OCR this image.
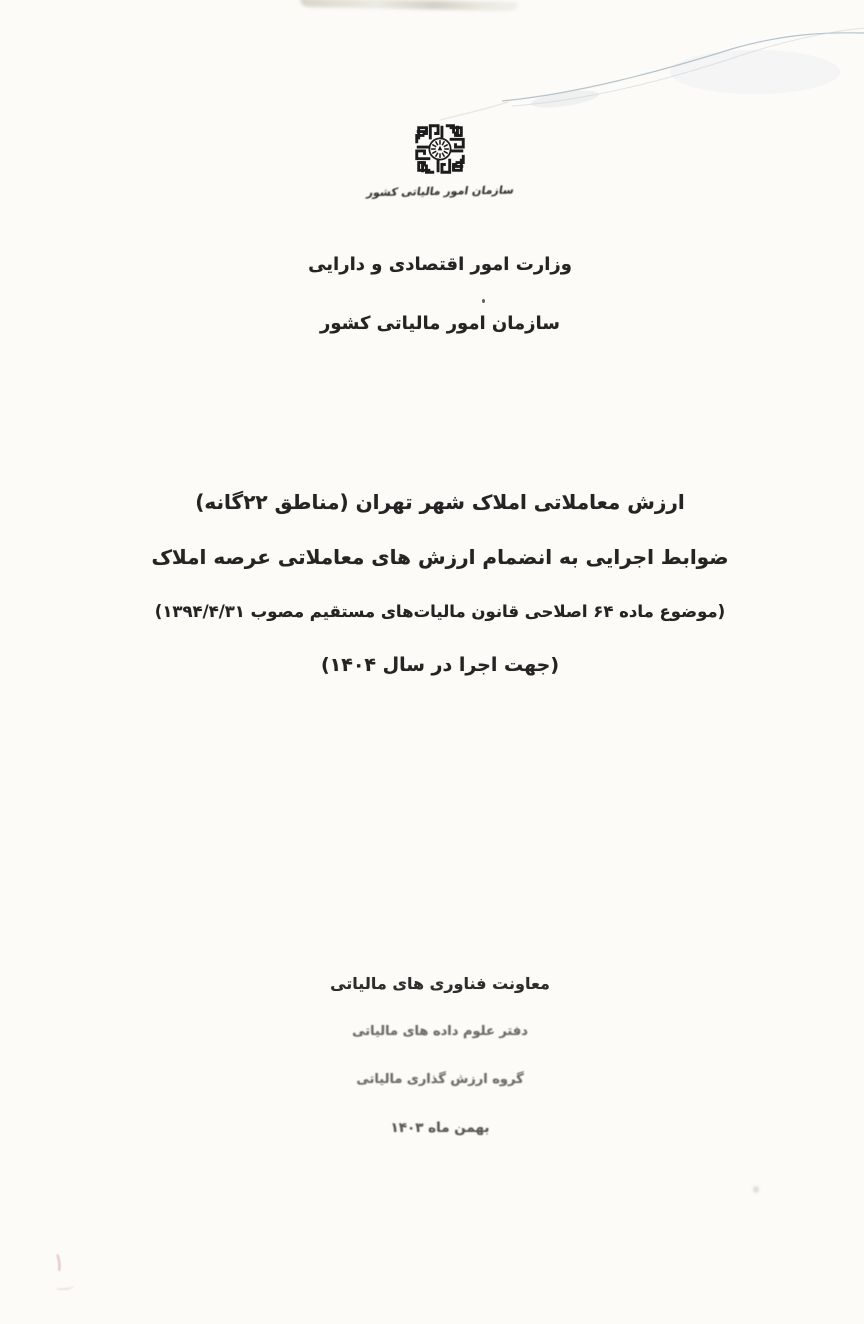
سازمان امور مالیاتی کشور
وزارت امور اقتصادی و دارایی
سازمان امور مالیاتی کشور
ارزش معاملاتی املاک شهر تهران (مناطق ۲۲گانه)
ضوابط اجرایی به انضمام ارزش های معاملاتی عرصه املاک
(موضوع ماده ۶۴ اصلاحی قانون مالیات‌های مستقیم مصوب ۱۳۹۴/۴/۳۱)
(جهت اجرا در سال ۱۴۰۴)
معاونت فناوری های مالیاتی
دفتر علوم داده های مالیاتی
گروه ارزش گذاری مالیاتی
بهمن ماه ۱۴۰۳
۱
